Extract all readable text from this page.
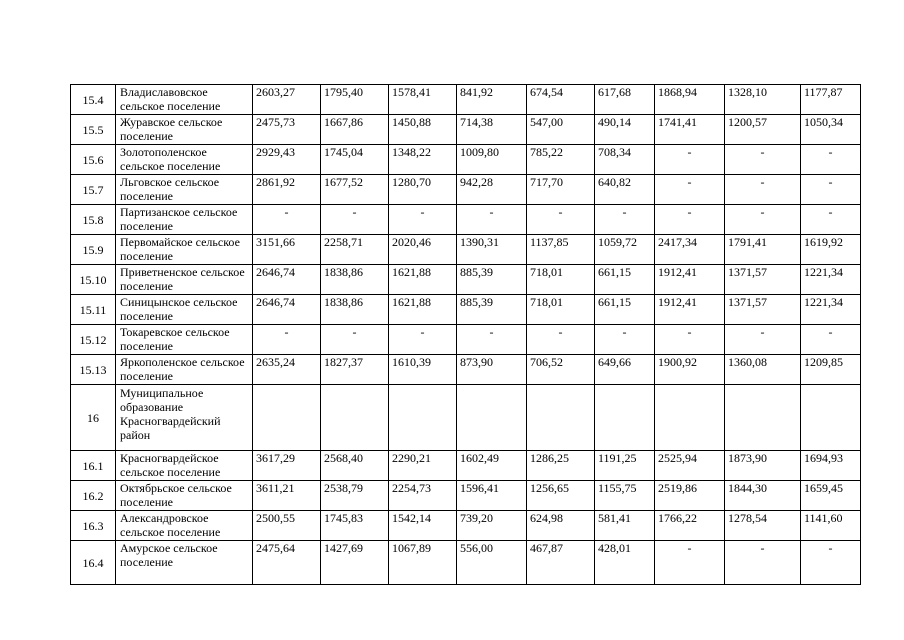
15.4	Владиславовское сельское поселение	2603,27	1795,40	1578,41	841,92	674,54	617,68	1868,94	1328,10	1177,87
15.5	Журавское сельское поселение	2475,73	1667,86	1450,88	714,38	547,00	490,14	1741,41	1200,57	1050,34
15.6	Золотополенское сельское поселение	2929,43	1745,04	1348,22	1009,80	785,22	708,34	-	-	-
15.7	Льговское сельское поселение	2861,92	1677,52	1280,70	942,28	717,70	640,82	-	-	-
15.8	Партизанское сельское поселение	-	-	-	-	-	-	-	-	-
15.9	Первомайское сельское поселение	3151,66	2258,71	2020,46	1390,31	1137,85	1059,72	2417,34	1791,41	1619,92
15.10	Приветненское сельское поселение	2646,74	1838,86	1621,88	885,39	718,01	661,15	1912,41	1371,57	1221,34
15.11	Синицынское сельское поселение	2646,74	1838,86	1621,88	885,39	718,01	661,15	1912,41	1371,57	1221,34
15.12	Токаревское сельское поселение	-	-	-	-	-	-	-	-	-
15.13	Яркополенское сельское поселение	2635,24	1827,37	1610,39	873,90	706,52	649,66	1900,92	1360,08	1209,85
16	Муниципальное образование Красногвардейский район									
16.1	Красногвардейское сельское поселение	3617,29	2568,40	2290,21	1602,49	1286,25	1191,25	2525,94	1873,90	1694,93
16.2	Октябрьское сельское поселение	3611,21	2538,79	2254,73	1596,41	1256,65	1155,75	2519,86	1844,30	1659,45
16.3	Александровское сельское поселение	2500,55	1745,83	1542,14	739,20	624,98	581,41	1766,22	1278,54	1141,60
16.4	Амурское сельское поселение	2475,64	1427,69	1067,89	556,00	467,87	428,01	-	-	-
